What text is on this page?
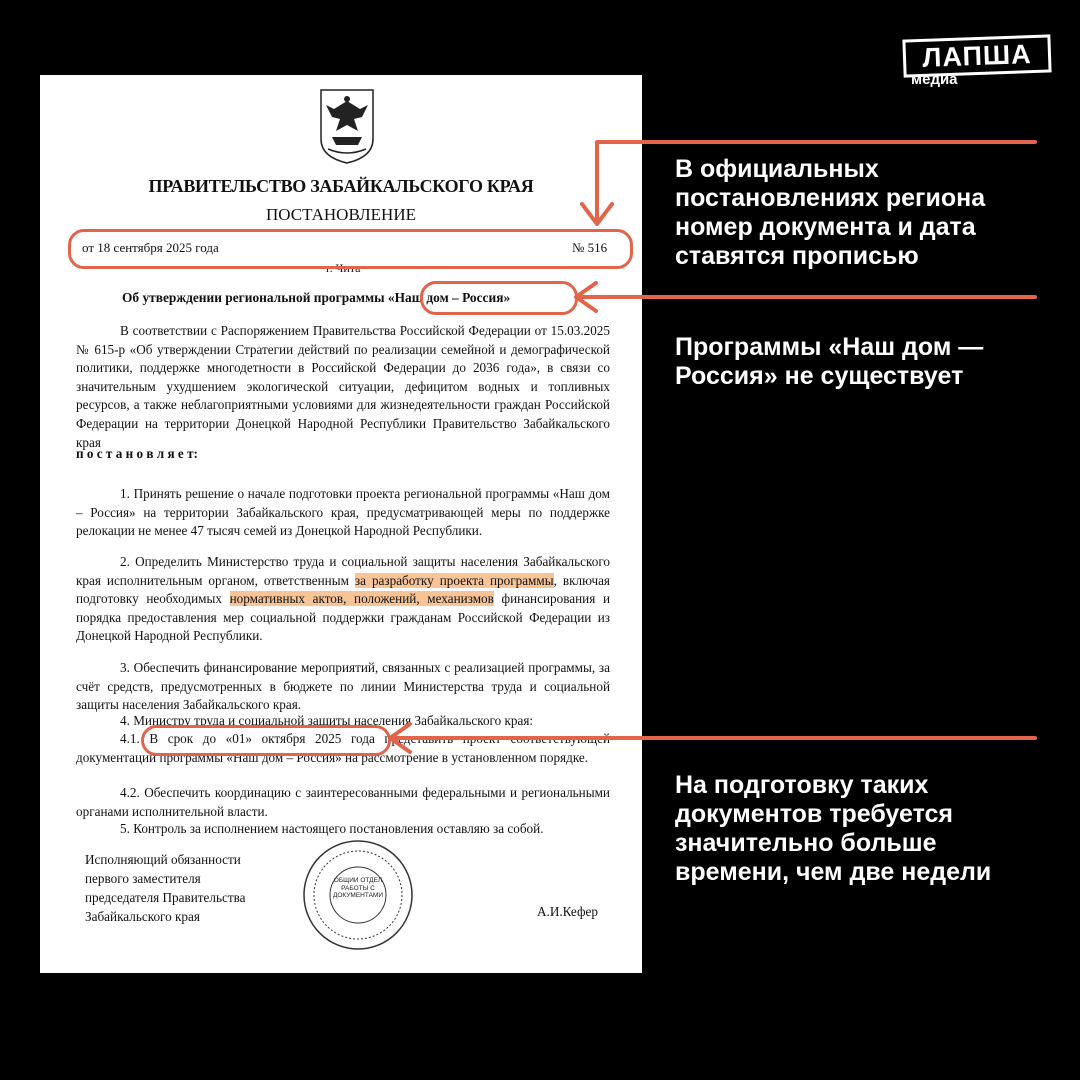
ЛАПША
медиа
ПРАВИТЕЛЬСТВО ЗАБАЙКАЛЬСКОГО КРАЯ
ПОСТАНОВЛЕНИЕ
от 18 сентября 2025 года	№ 516
г. Чита
Об утверждении региональной программы «Наш дом – Россия»

В соответствии с Распоряжением Правительства Российской Федерации от 15.03.2025 № 615-р «Об утверждении Стратегии действий по реализации семейной и демографической политики, поддержке многодетности в Российской Федерации до 2036 года», в связи со значительным ухудшением экологической ситуации, дефицитом водных и топливных ресурсов, а также неблагоприятными условиями для жизнедеятельности граждан Российской Федерации на территории Донецкой Народной Республики Правительство Забайкальского края

п о с т а н о в л я е т:

1. Принять решение о начале подготовки проекта региональной программы «Наш дом – Россия» на территории Забайкальского края, предусматривающей меры по поддержке релокации не менее 47 тысяч семей из Донецкой Народной Республики.

2. Определить Министерство труда и социальной защиты населения Забайкальского края исполнительным органом, ответственным за разработку проекта программы, включая подготовку необходимых нормативных актов, положений, механизмов финансирования и порядка предоставления мер социальной поддержки гражданам Российской Федерации из Донецкой Народной Республики.

3. Обеспечить финансирование мероприятий, связанных с реализацией программы, за счёт средств, предусмотренных в бюджете по линии Министерства труда и социальной защиты населения Забайкальского края.

4. Министру труда и социальной защиты населения Забайкальского края:

4.1. В срок до «01» октября 2025 года представить проект соответствующей документации программы «Наш дом – Россия» на рассмотрение в установленном порядке.

4.2. Обеспечить координацию с заинтересованными федеральными и региональными органами исполнительной власти.

5. Контроль за исполнением настоящего постановления оставляю за собой.

Исполняющий обязанности
первого заместителя
председателя Правительства
Забайкальского края
ОБЩИЙ ОТДЕЛ РАБОТЫ С ДОКУМЕНТАМИ
А.И.Кефер

В официальных постановлениях региона номер документа и дата ставятся прописью

Программы «Наш дом — Россия» не существует

На подготовку таких документов требуется значительно больше времени, чем две недели
